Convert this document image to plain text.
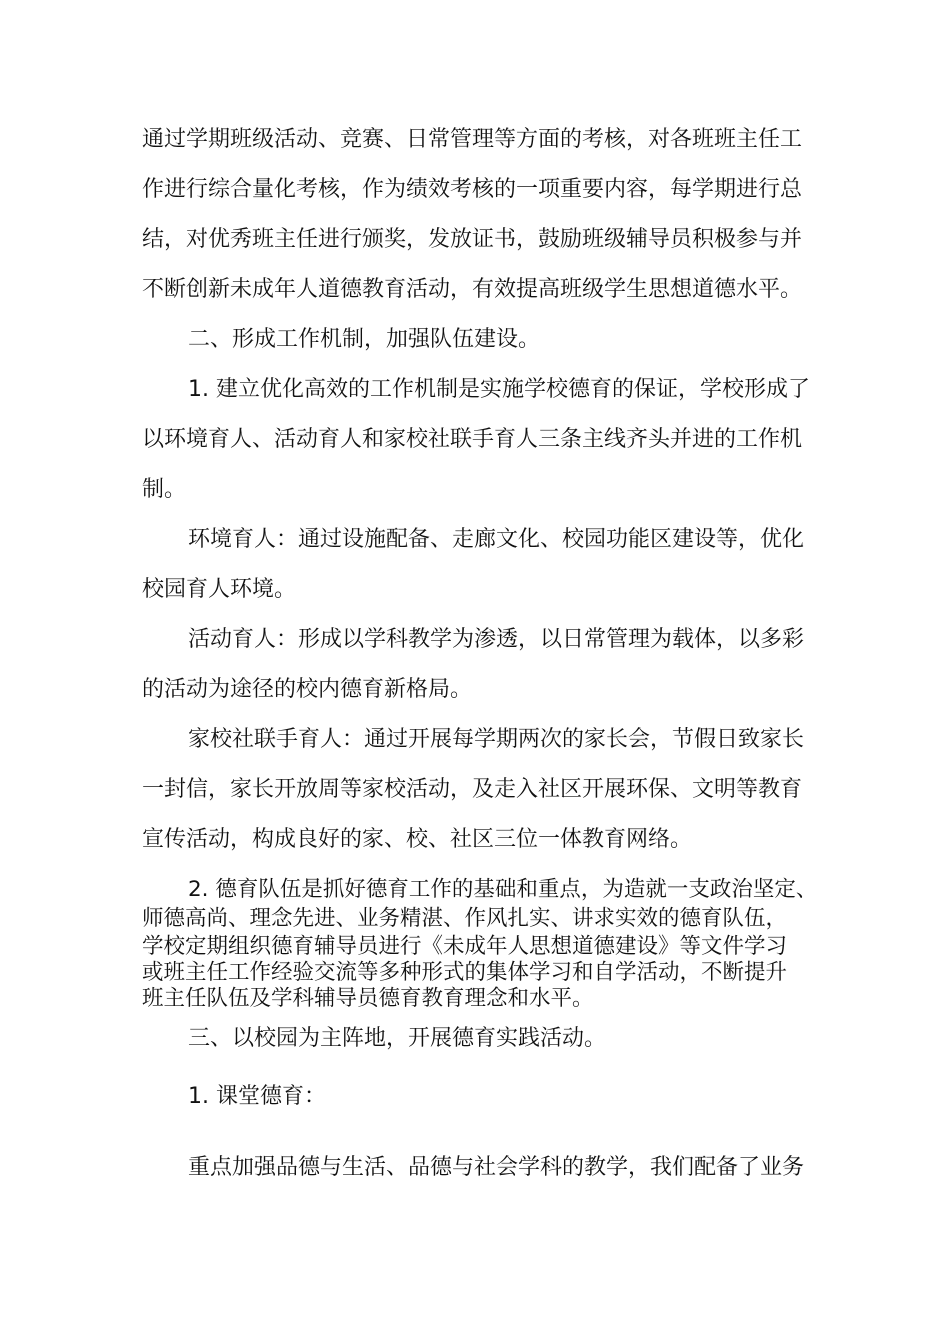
通过学期班级活动、竞赛、日常管理等方面的考核，对各班班主任工
作进行综合量化考核，作为绩效考核的一项重要内容，每学期进行总
结，对优秀班主任进行颁奖，发放证书，鼓励班级辅导员积极参与并
不断创新未成年人道德教育活动，有效提高班级学生思想道德水平。
二、形成工作机制，加强队伍建设。
1. 建立优化高效的工作机制是实施学校德育的保证，学校形成了
以环境育人、活动育人和家校社联手育人三条主线齐头并进的工作机
制。
环境育人：通过设施配备、走廊文化、校园功能区建设等，优化
校园育人环境。
活动育人：形成以学科教学为渗透，以日常管理为载体，以多彩
的活动为途径的校内德育新格局。
家校社联手育人：通过开展每学期两次的家长会，节假日致家长
一封信，家长开放周等家校活动，及走入社区开展环保、文明等教育
宣传活动，构成良好的家、校、社区三位一体教育网络。
2. 德育队伍是抓好德育工作的基础和重点，为造就一支政治坚定、
师德高尚、理念先进、业务精湛、作风扎实、讲求实效的德育队伍，
学校定期组织德育辅导员进行《未成年人思想道德建设》等文件学习
或班主任工作经验交流等多种形式的集体学习和自学活动，不断提升
班主任队伍及学科辅导员德育教育理念和水平。
三、以校园为主阵地，开展德育实践活动。
1. 课堂德育：
重点加强品德与生活、品德与社会学科的教学，我们配备了业务
